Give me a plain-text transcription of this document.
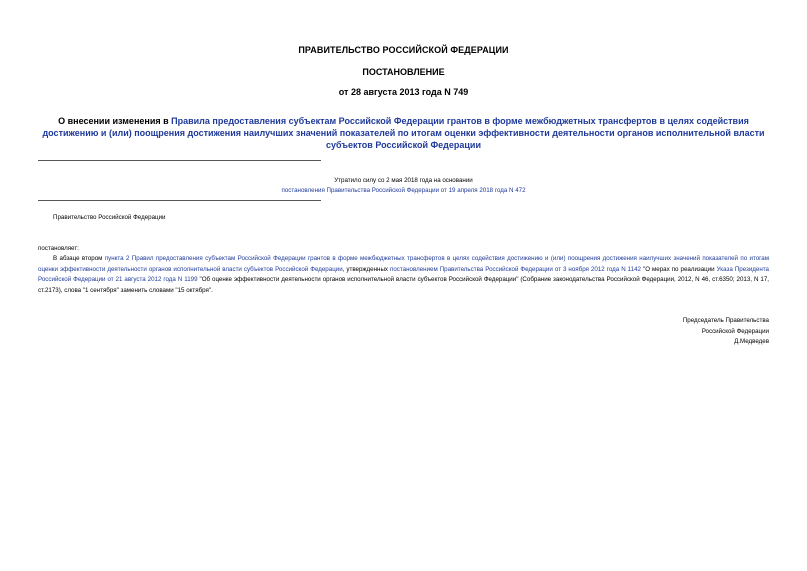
ПРАВИТЕЛЬСТВО РОССИЙСКОЙ ФЕДЕРАЦИИ
ПОСТАНОВЛЕНИЕ
от 28 августа 2013 года N 749
О внесении изменения в Правила предоставления субъектам Российской Федерации грантов в форме межбюджетных трансфертов в целях содействия достижению и (или) поощрения достижения наилучших значений показателей по итогам оценки эффективности деятельности органов исполнительной власти субъектов Российской Федерации
Утратило силу со 2 мая 2018 года на основании
постановления Правительства Российской Федерации от 19 апреля 2018 года N 472
Правительство Российской Федерации
постановляет:
В абзаце втором пункта 2 Правил предоставления субъектам Российской Федерации грантов в форме межбюджетных трансфертов в целях содействия достижению и (или) поощрения достижения наилучших значений показателей по итогам оценки эффективности деятельности органов исполнительной власти субъектов Российской Федерации, утвержденных постановлением Правительства Российской Федерации от 3 ноября 2012 года N 1142 "О мерах по реализации Указа Президента Российской Федерации от 21 августа 2012 года N 1199 "Об оценке эффективности деятельности органов исполнительной власти субъектов Российской Федерации" (Собрание законодательства Российской Федерации, 2012, N 46, ст.6350; 2013, N 17, ст.2173), слова "1 сентября" заменить словами "15 октября".
Председатель Правительства
Российской Федерации
Д.Медведев
